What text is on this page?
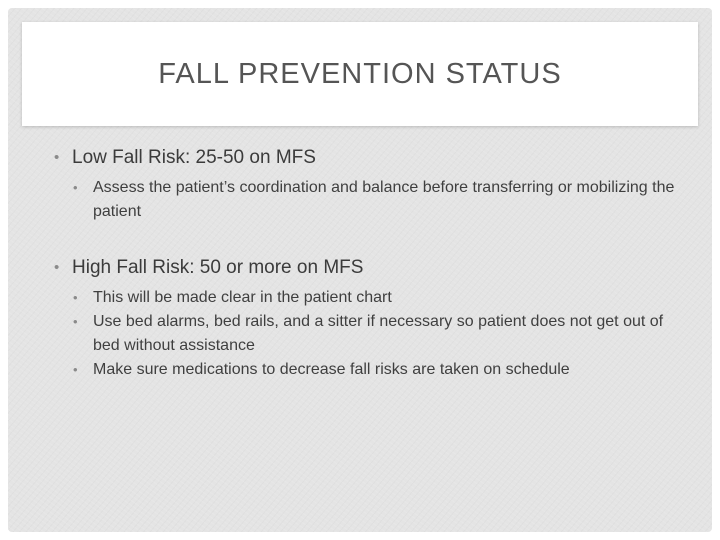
FALL PREVENTION STATUS
• Low Fall Risk: 25-50 on MFS
• Assess the patient’s coordination and balance before transferring or mobilizing the patient
• High Fall Risk: 50 or more on MFS
• This will be made clear in the patient chart
• Use bed alarms, bed rails, and a sitter if necessary so patient does not get out of bed without assistance
• Make sure medications to decrease fall risks are taken on schedule
